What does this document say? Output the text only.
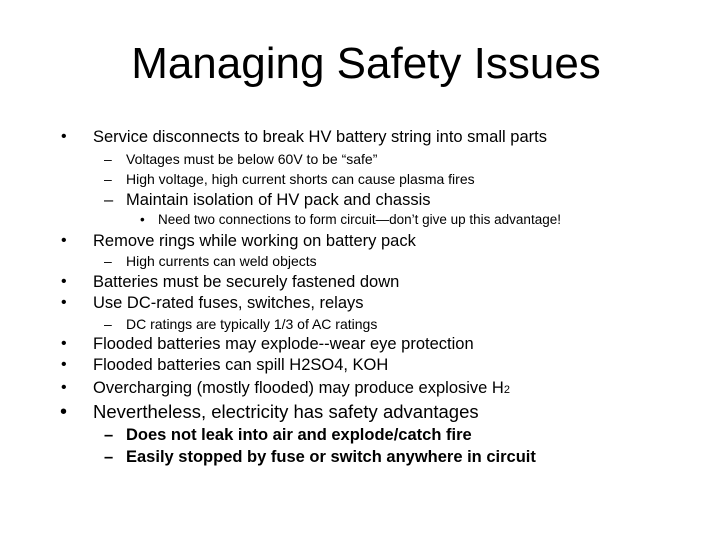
Managing Safety Issues
• Service disconnects to break HV battery string into small parts
– Voltages must be below 60V to be “safe”
– High voltage, high current shorts can cause plasma fires
– Maintain isolation of HV pack and chassis
• Need two connections to form circuit—don’t give up this advantage!
• Remove rings while working on battery pack
– High currents can weld objects
• Batteries must be securely fastened down
• Use DC-rated fuses, switches, relays
– DC ratings are typically 1/3 of AC ratings
• Flooded batteries may explode--wear eye protection
• Flooded batteries can spill H2SO4, KOH
• Overcharging (mostly flooded) may produce explosive H2
• Nevertheless, electricity has safety advantages
– Does not leak into air and explode/catch fire
– Easily stopped by fuse or switch anywhere in circuit
